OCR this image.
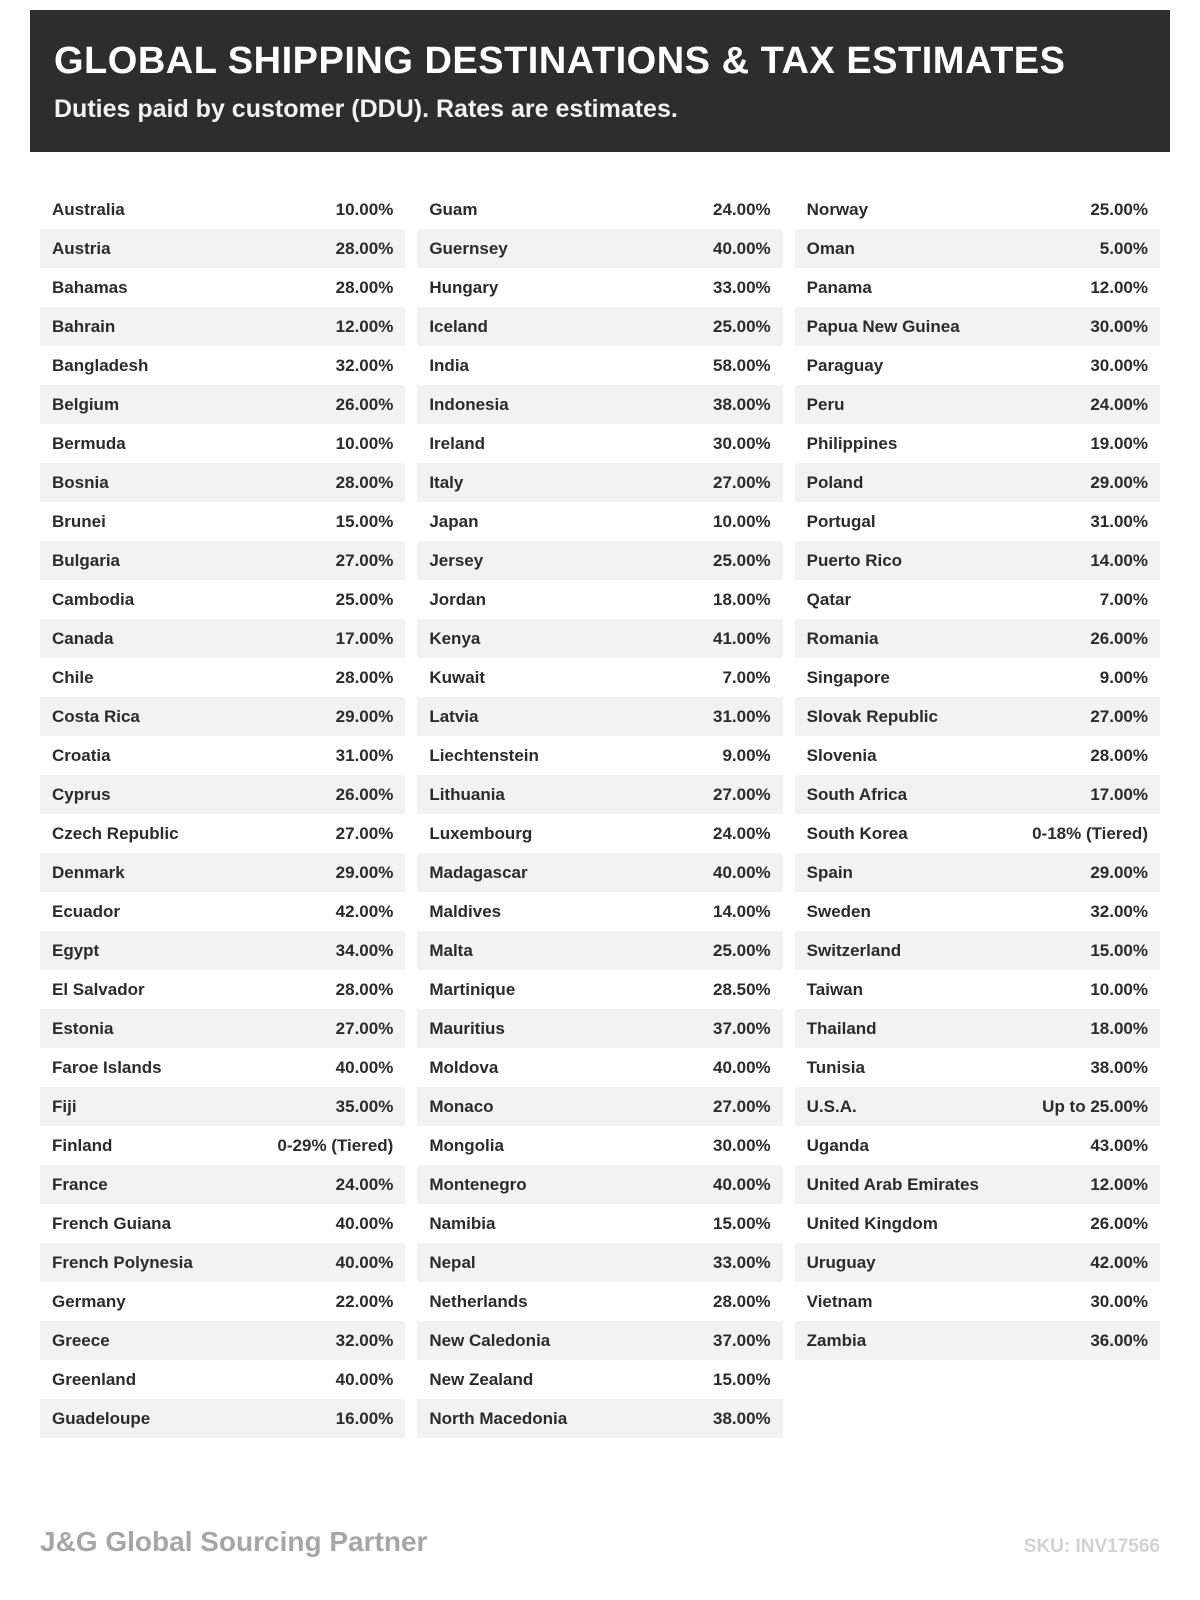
GLOBAL SHIPPING DESTINATIONS & TAX ESTIMATES
Duties paid by customer (DDU). Rates are estimates.
Australia	10.00%
Austria	28.00%
Bahamas	28.00%
Bahrain	12.00%
Bangladesh	32.00%
Belgium	26.00%
Bermuda	10.00%
Bosnia	28.00%
Brunei	15.00%
Bulgaria	27.00%
Cambodia	25.00%
Canada	17.00%
Chile	28.00%
Costa Rica	29.00%
Croatia	31.00%
Cyprus	26.00%
Czech Republic	27.00%
Denmark	29.00%
Ecuador	42.00%
Egypt	34.00%
El Salvador	28.00%
Estonia	27.00%
Faroe Islands	40.00%
Fiji	35.00%
Finland	0-29% (Tiered)
France	24.00%
French Guiana	40.00%
French Polynesia	40.00%
Germany	22.00%
Greece	32.00%
Greenland	40.00%
Guadeloupe	16.00%
Guam	24.00%
Guernsey	40.00%
Hungary	33.00%
Iceland	25.00%
India	58.00%
Indonesia	38.00%
Ireland	30.00%
Italy	27.00%
Japan	10.00%
Jersey	25.00%
Jordan	18.00%
Kenya	41.00%
Kuwait	7.00%
Latvia	31.00%
Liechtenstein	9.00%
Lithuania	27.00%
Luxembourg	24.00%
Madagascar	40.00%
Maldives	14.00%
Malta	25.00%
Martinique	28.50%
Mauritius	37.00%
Moldova	40.00%
Monaco	27.00%
Mongolia	30.00%
Montenegro	40.00%
Namibia	15.00%
Nepal	33.00%
Netherlands	28.00%
New Caledonia	37.00%
New Zealand	15.00%
North Macedonia	38.00%
Norway	25.00%
Oman	5.00%
Panama	12.00%
Papua New Guinea	30.00%
Paraguay	30.00%
Peru	24.00%
Philippines	19.00%
Poland	29.00%
Portugal	31.00%
Puerto Rico	14.00%
Qatar	7.00%
Romania	26.00%
Singapore	9.00%
Slovak Republic	27.00%
Slovenia	28.00%
South Africa	17.00%
South Korea	0-18% (Tiered)
Spain	29.00%
Sweden	32.00%
Switzerland	15.00%
Taiwan	10.00%
Thailand	18.00%
Tunisia	38.00%
U.S.A.	Up to 25.00%
Uganda	43.00%
United Arab Emirates	12.00%
United Kingdom	26.00%
Uruguay	42.00%
Vietnam	30.00%
Zambia	36.00%
J&G Global Sourcing Partner	SKU: INV17566
